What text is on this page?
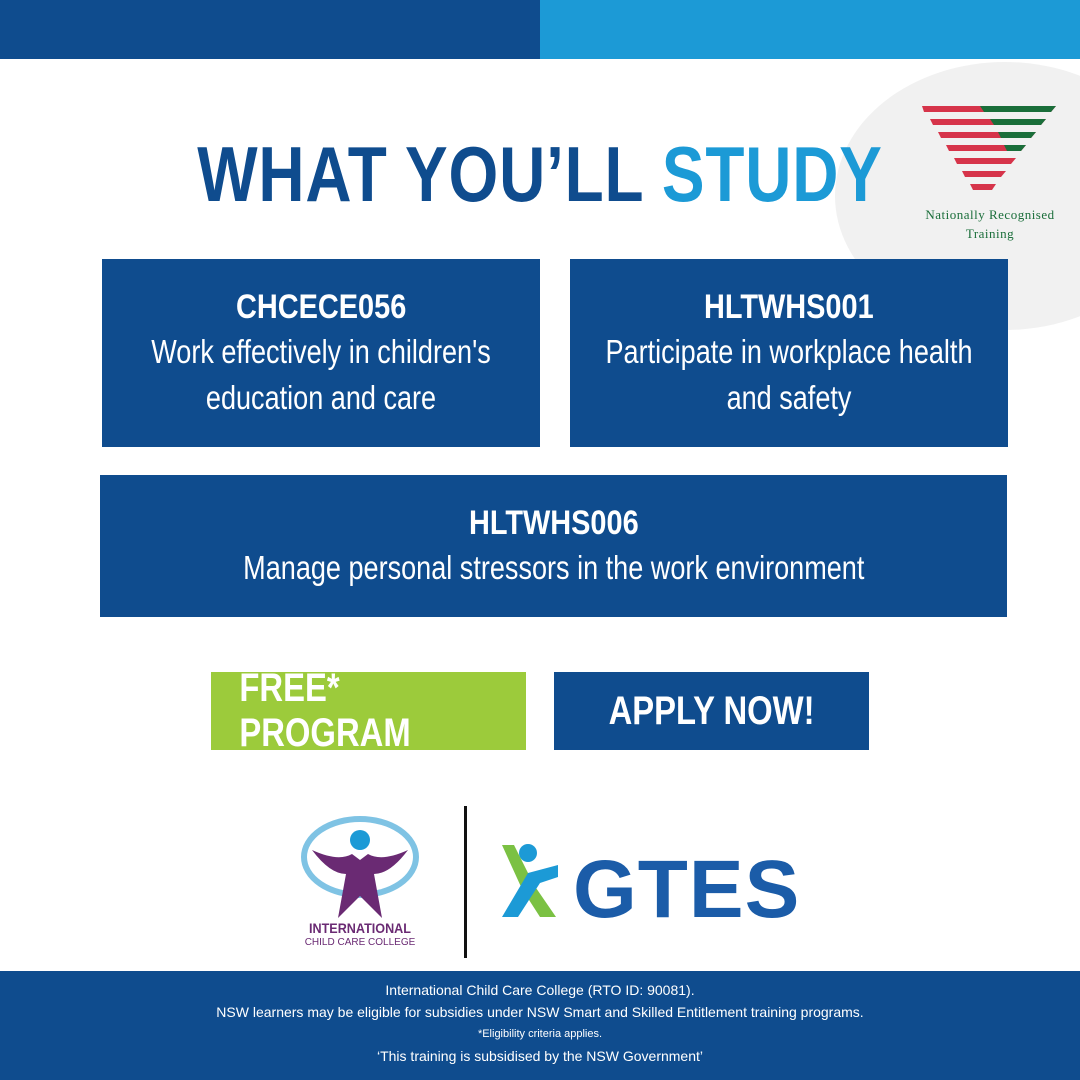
Nationally Recognised
Training
WHAT YOU’LL STUDY
CHCECE056
Work effectively in children's education and care
HLTWHS001
Participate in workplace health and safety
HLTWHS006
Manage personal stressors in the work environment
FREE* PROGRAM
APPLY NOW!
INTERNATIONAL
CHILD CARE COLLEGE
GTES
International Child Care College (RTO ID: 90081).
NSW learners may be eligible for subsidies under NSW Smart and Skilled Entitlement training programs.
*Eligibility criteria applies.
‘This training is subsidised by the NSW Government’
